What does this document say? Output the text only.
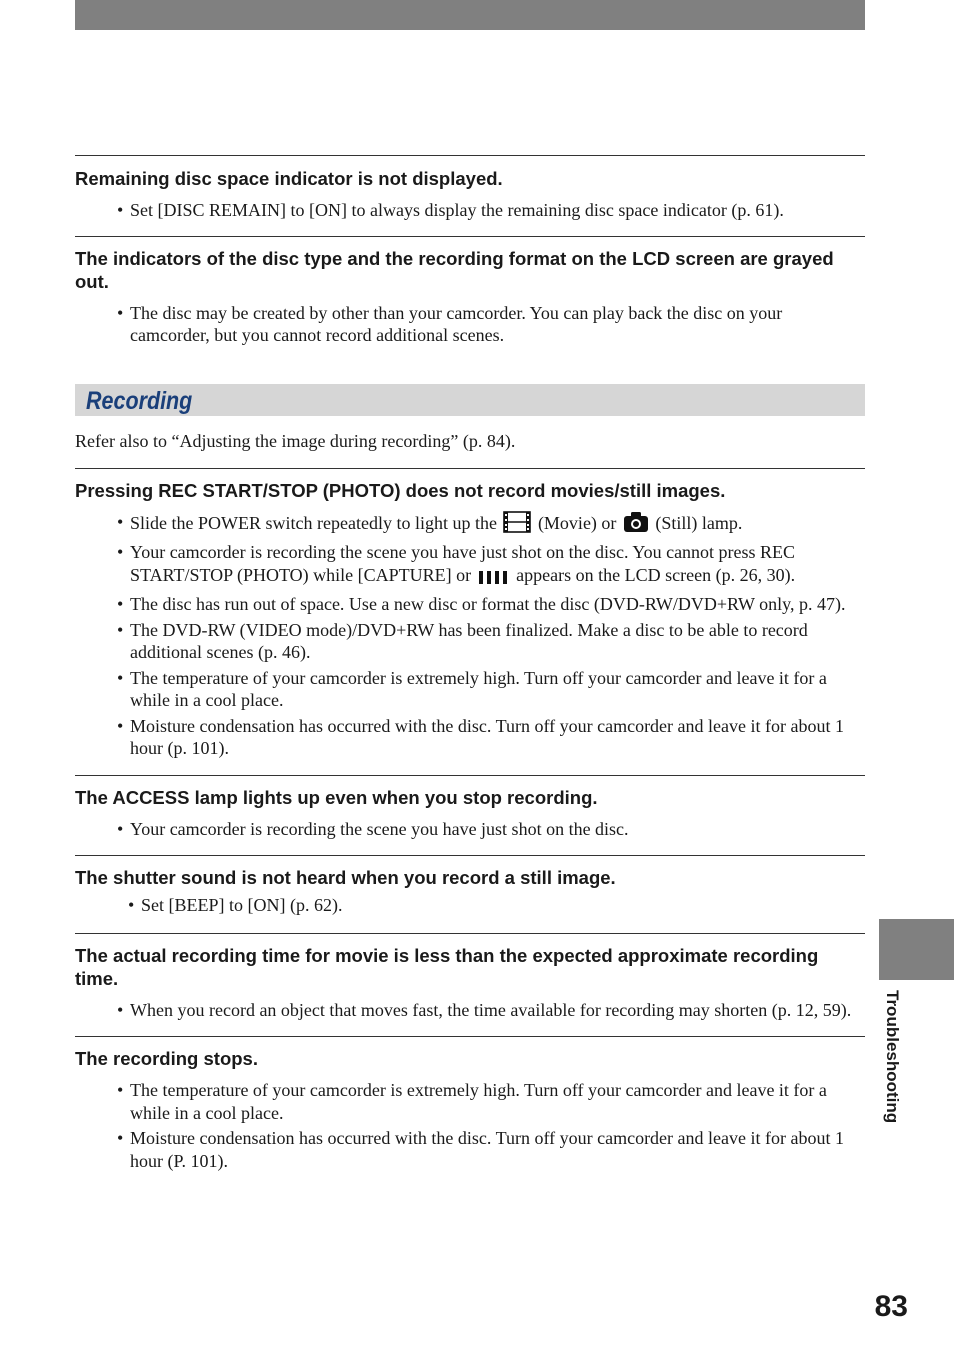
Remaining disc space indicator is not displayed.
• Set [DISC REMAIN] to [ON] to always display the remaining disc space indicator (p. 61).
The indicators of the disc type and the recording format on the LCD screen are grayed out.
• The disc may be created by other than your camcorder. You can play back the disc on your camcorder, but you cannot record additional scenes.
Recording

Refer also to “Adjusting the image during recording” (p. 84).

Pressing REC START/STOP (PHOTO) does not record movies/still images.
• Slide the POWER switch repeatedly to light up the (Movie) or (Still) lamp.
• Your camcorder is recording the scene you have just shot on the disc. You cannot press REC START/STOP (PHOTO) while [CAPTURE] or	appears on the LCD screen (p. 26, 30).
• The disc has run out of space. Use a new disc or format the disc (DVD-RW/DVD+RW only, p. 47).
• The DVD-RW (VIDEO mode)/DVD+RW has been finalized. Make a disc to be able to record additional scenes (p. 46).
• The temperature of your camcorder is extremely high. Turn off your camcorder and leave it for a while in a cool place.
• Moisture condensation has occurred with the disc. Turn off your camcorder and leave it for about 1 hour (p. 101).
The ACCESS lamp lights up even when you stop recording.
• Your camcorder is recording the scene you have just shot on the disc.
The shutter sound is not heard when you record a still image.
• Set [BEEP] to [ON] (p. 62).
The actual recording time for movie is less than the expected approximate recording time.
• When you record an object that moves fast, the time available for recording may shorten (p. 12, 59).
The recording stops.
• The temperature of your camcorder is extremely high. Turn off your camcorder and leave it for a while in a cool place.
• Moisture condensation has occurred with the disc. Turn off your camcorder and leave it for about 1 hour (P. 101).
Troubleshooting
83
